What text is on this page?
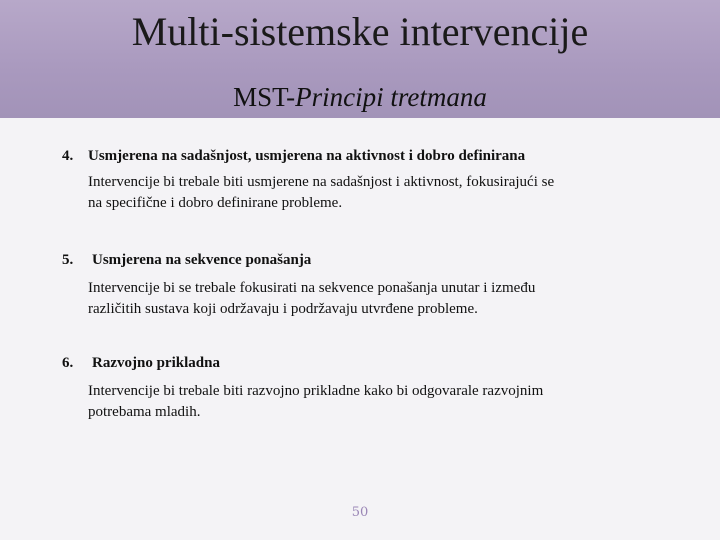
Multi-sistemske intervencije
MST-Principi tretmana
4. Usmjerena na sadašnjost, usmjerena na aktivnost i dobro definirana
Intervencije bi trebale biti usmjerene na sadašnjost i aktivnost, fokusirajući se
na specifične i dobro definirane probleme.
5. Usmjerena na sekvence ponašanja
Intervencije bi se trebale fokusirati na sekvence ponašanja unutar i između
različitih sustava koji održavaju i podržavaju utvrđene probleme.
6. Razvojno prikladna
Intervencije bi trebale biti razvojno prikladne kako bi odgovarale razvojnim
potrebama mladih.
50
